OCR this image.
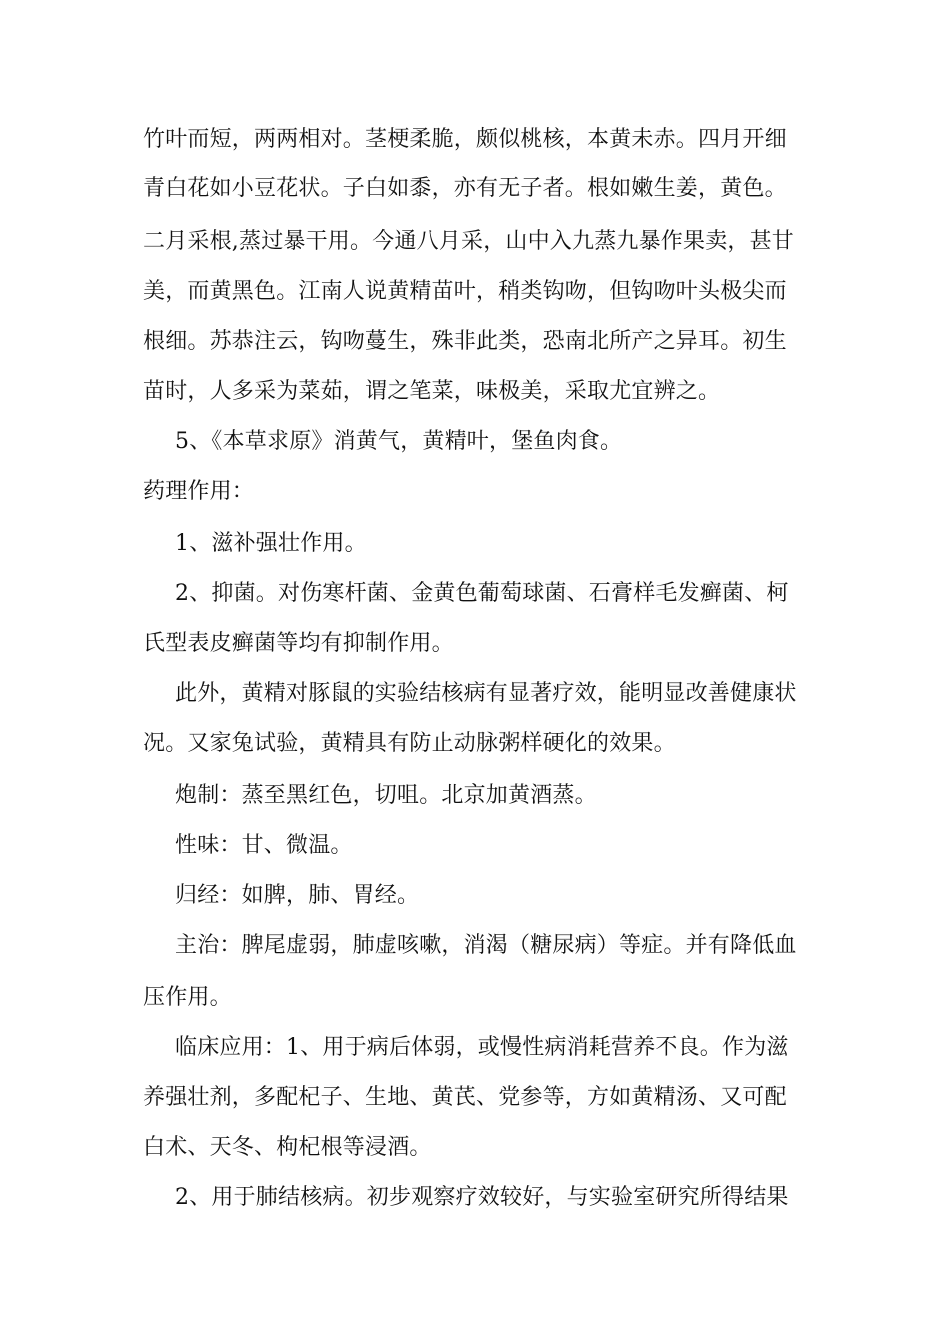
竹叶而短，两两相对。茎梗柔脆，颇似桃核，本黄未赤。四月开细
青白花如小豆花状。子白如黍，亦有无子者。根如嫩生姜，黄色。
二月采根,蒸过暴干用。今通八月采，山中入九蒸九暴作果卖，甚甘
美，而黄黑色。江南人说黄精苗叶，稍类钩吻，但钩吻叶头极尖而
根细。苏恭注云，钩吻蔓生，殊非此类，恐南北所产之异耳。初生
苗时，人多采为菜茹，谓之笔菜，味极美，采取尤宜辨之。
5、《本草求原》消黄气，黄精叶，堡鱼肉食。
药理作用：
1、滋补强壮作用。
2、抑菌。对伤寒杆菌、金黄色葡萄球菌、石膏样毛发癣菌、柯
氏型表皮癣菌等均有抑制作用。
此外，黄精对豚鼠的实验结核病有显著疗效，能明显改善健康状
况。又家兔试验，黄精具有防止动脉粥样硬化的效果。
炮制：蒸至黑红色，切咀。北京加黄酒蒸。
性味：甘、微温。
归经：如脾，肺、胃经。
主治：脾尾虚弱，肺虚咳嗽，消渴（糖尿病）等症。并有降低血
压作用。
临床应用：1、用于病后体弱，或慢性病消耗营养不良。作为滋
养强壮剂，多配杞子、生地、黄芪、党参等，方如黄精汤、又可配
白术、天冬、枸杞根等浸酒。
2、用于肺结核病。初步观察疗效较好，与实验室研究所得结果
